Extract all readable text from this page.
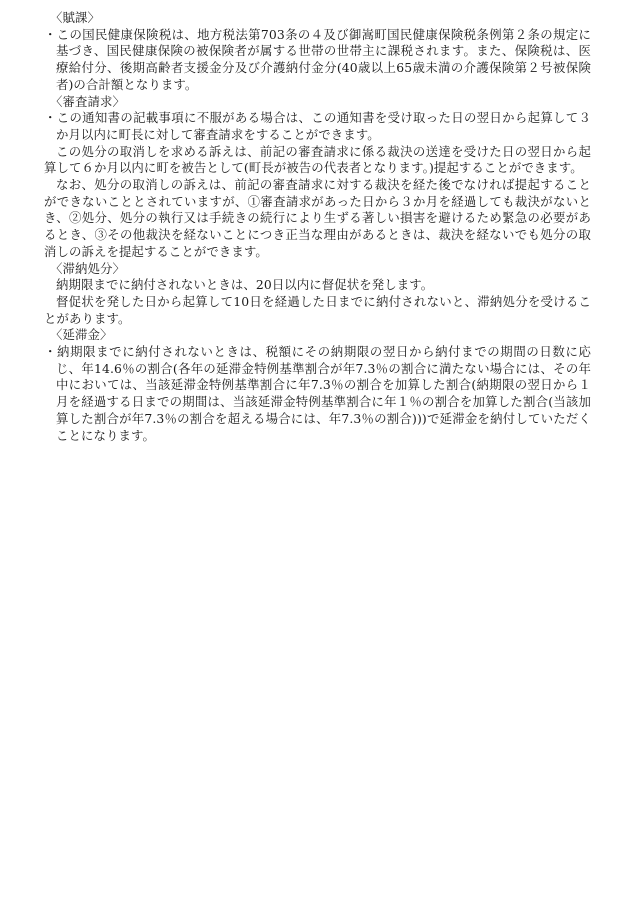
〈賦課〉

・この国民健康保険税は、地方税法第703条の４及び御嵩町国民健康保険税条例第２条の規定に基づき、国民健康保険の被保険者が属する世帯の世帯主に課税されます。また、保険税は、医療給付分、後期高齢者支援金分及び介護納付金分(40歳以上65歳未満の介護保険第２号被保険者)の合計額となります。

〈審査請求〉

・この通知書の記載事項に不服がある場合は、この通知書を受け取った日の翌日から起算して３か月以内に町長に対して審査請求をすることができます。

この処分の取消しを求める訴えは、前記の審査請求に係る裁決の送達を受けた日の翌日から起算して６か月以内に町を被告として(町長が被告の代表者となります。)提起することができます。

なお、処分の取消しの訴えは、前記の審査請求に対する裁決を経た後でなければ提起することができないこととされていますが、①審査請求があった日から３か月を経過しても裁決がないとき、②処分、処分の執行又は手続きの続行により生ずる著しい損害を避けるため緊急の必要があるとき、③その他裁決を経ないことにつき正当な理由があるときは、裁決を経ないでも処分の取消しの訴えを提起することができます。

〈滞納処分〉

納期限までに納付されないときは、20日以内に督促状を発します。

督促状を発した日から起算して10日を経過した日までに納付されないと、滞納処分を受けることがあります。

〈延滞金〉

・納期限までに納付されないときは、税額にその納期限の翌日から納付までの期間の日数に応じ、年14.6％の割合(各年の延滞金特例基準割合が年7.3％の割合に満たない場合には、その年中においては、当該延滞金特例基準割合に年7.3％の割合を加算した割合(納期限の翌日から１月を経過する日までの期間は、当該延滞金特例基準割合に年１％の割合を加算した割合(当該加算した割合が年7.3％の割合を超える場合には、年7.3％の割合)))で延滞金を納付していただくことになります。
